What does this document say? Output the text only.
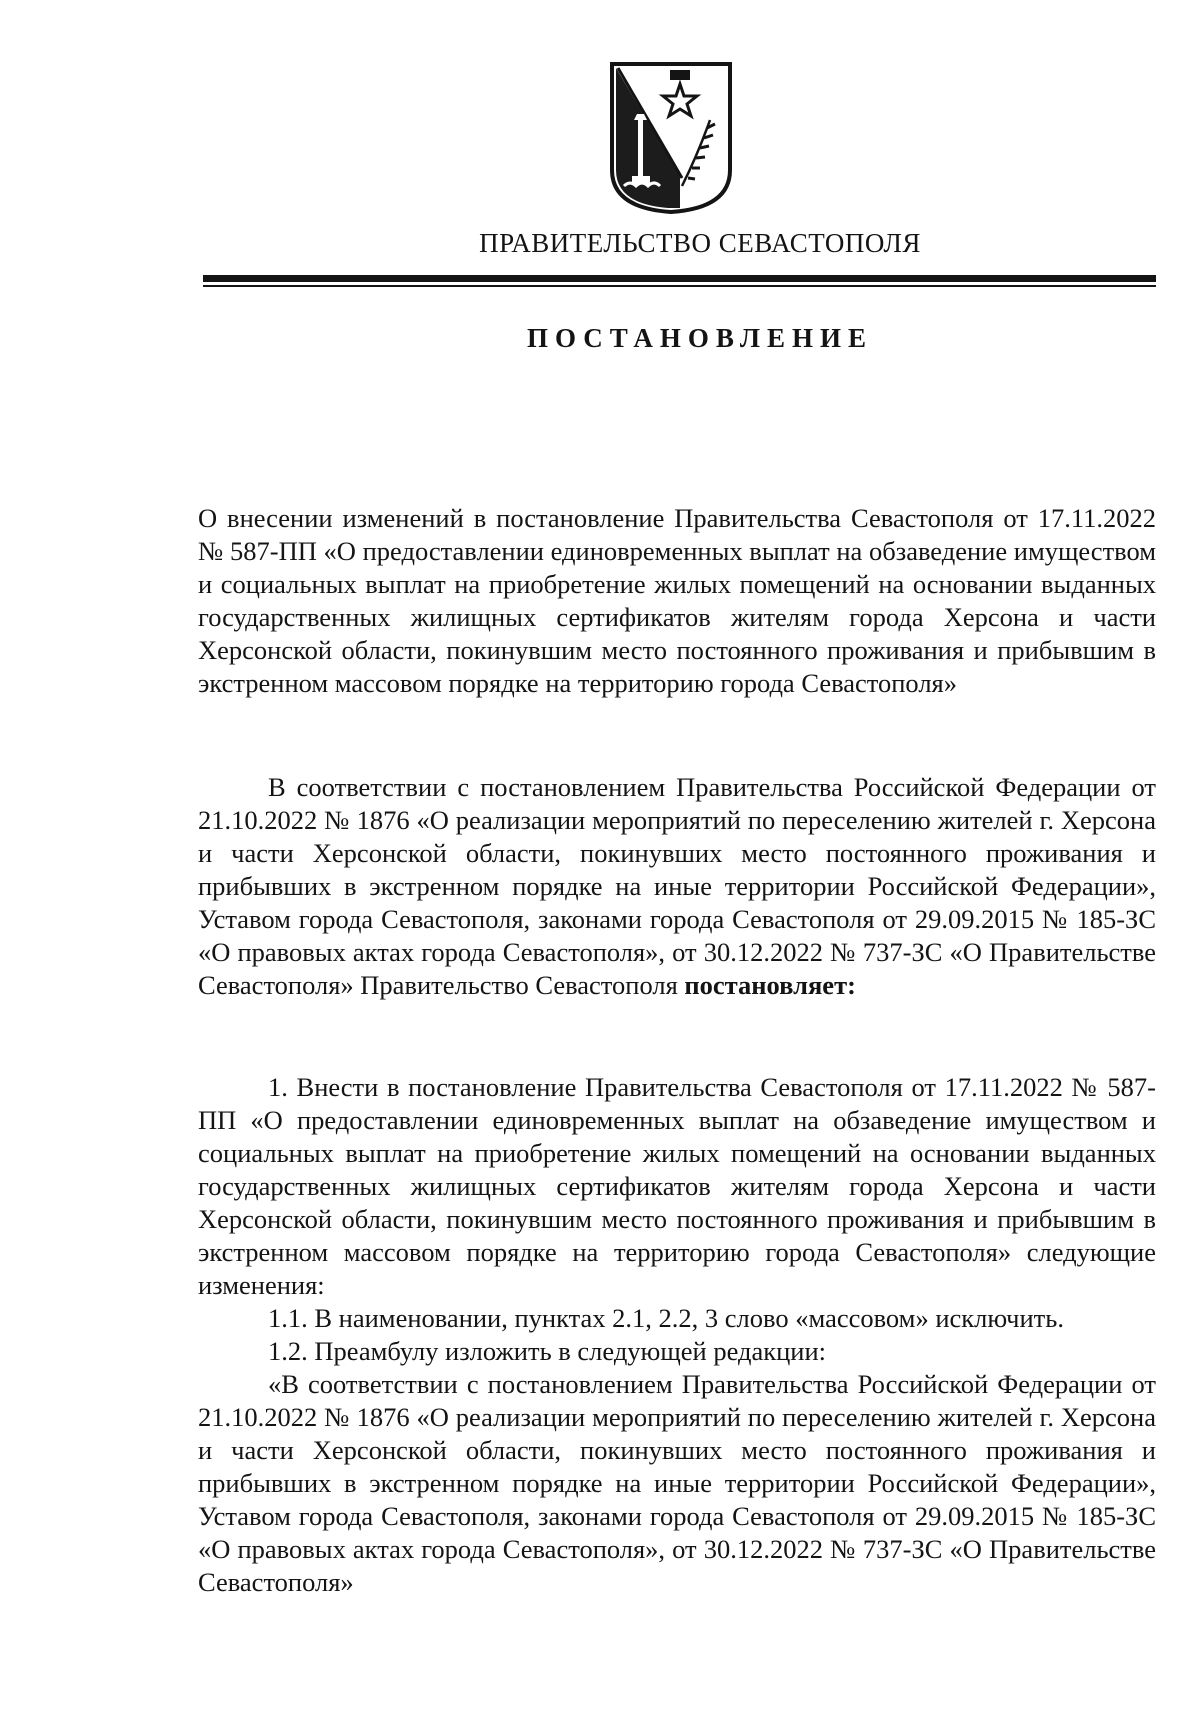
ПРАВИТЕЛЬСТВО СЕВАСТОПОЛЯ
ПОСТАНОВЛЕНИЕ

О внесении изменений в постановление Правительства Севастополя от 17.11.2022 № 587-ПП «О предоставлении единовременных выплат на обзаведение имуществом и социальных выплат на приобретение жилых помещений на основании выданных государственных жилищных сертификатов жителям города Херсона и части Херсонской области, покинувшим место постоянного проживания и прибывшим в экстренном массовом порядке на территорию города Севастополя»

В соответствии с постановлением Правительства Российской Федерации от 21.10.2022 № 1876 «О реализации мероприятий по переселению жителей г. Херсона и части Херсонской области, покинувших место постоянного проживания и прибывших в экстренном порядке на иные территории Российской Федерации», Уставом города Севастополя, законами города Севастополя от 29.09.2015 № 185-ЗС «О правовых актах города Севастополя», от 30.12.2022 № 737-ЗС «О Правительстве Севастополя» Правительство Севастополя постановляет:

1. Внести в постановление Правительства Севастополя от 17.11.2022 № 587-ПП «О предоставлении единовременных выплат на обзаведение имуществом и социальных выплат на приобретение жилых помещений на основании выданных государственных жилищных сертификатов жителям города Херсона и части Херсонской области, покинувшим место постоянного проживания и прибывшим в экстренном массовом порядке на территорию города Севастополя» следующие изменения:

1.1. В наименовании, пунктах 2.1, 2.2, 3 слово «массовом» исключить.

1.2. Преамбулу изложить в следующей редакции:

«В соответствии с постановлением Правительства Российской Федерации от 21.10.2022 № 1876 «О реализации мероприятий по переселению жителей г. Херсона и части Херсонской области, покинувших место постоянного проживания и прибывших в экстренном порядке на иные территории Российской Федерации», Уставом города Севастополя, законами города Севастополя от 29.09.2015 № 185-ЗС «О правовых актах города Севастополя», от 30.12.2022 № 737-ЗС «О Правительстве Севастополя»
